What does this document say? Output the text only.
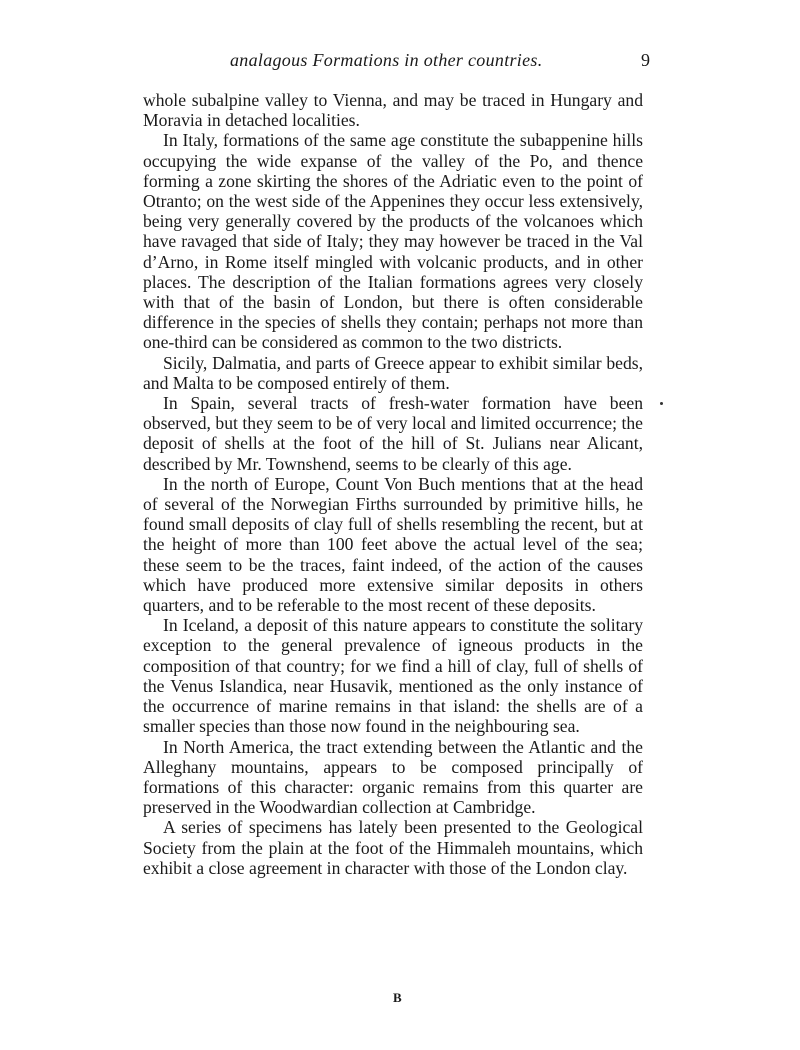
analagous Formations in other countries.	9

whole subalpine valley to Vienna, and may be traced in Hungary and Moravia in detached localities.

In Italy, formations of the same age constitute the subappenine hills occupying the wide expanse of the valley of the Po, and thence forming a zone skirting the shores of the Adriatic even to the point of Otranto; on the west side of the Appenines they occur less extensively, being very generally covered by the products of the volcanoes which have ravaged that side of Italy; they may however be traced in the Val d’Arno, in Rome itself mingled with volcanic products, and in other places. The description of the Italian formations agrees very closely with that of the basin of London, but there is often considerable difference in the species of shells they contain; perhaps not more than one-third can be considered as common to the two districts.

Sicily, Dalmatia, and parts of Greece appear to exhibit similar beds, and Malta to be composed entirely of them.

In Spain, several tracts of fresh-water formation have been observed, but they seem to be of very local and limited occurrence; the deposit of shells at the foot of the hill of St. Julians near Alicant, described by Mr. Townshend, seems to be clearly of this age.

In the north of Europe, Count Von Buch mentions that at the head of several of the Norwegian Firths surrounded by primitive hills, he found small deposits of clay full of shells resembling the recent, but at the height of more than 100 feet above the actual level of the sea; these seem to be the traces, faint indeed, of the action of the causes which have produced more extensive similar deposits in others quarters, and to be referable to the most recent of these deposits.

In Iceland, a deposit of this nature appears to constitute the solitary exception to the general prevalence of igneous products in the composition of that country; for we find a hill of clay, full of shells of the Venus Islandica, near Husavik, mentioned as the only instance of the occurrence of marine remains in that island: the shells are of a smaller species than those now found in the neighbouring sea.

In North America, the tract extending between the Atlantic and the Alleghany mountains, appears to be composed principally of formations of this character: organic remains from this quarter are preserved in the Woodwardian collection at Cambridge.

A series of specimens has lately been presented to the Geological Society from the plain at the foot of the Himmaleh mountains, which exhibit a close agreement in character with those of the London clay.

B
